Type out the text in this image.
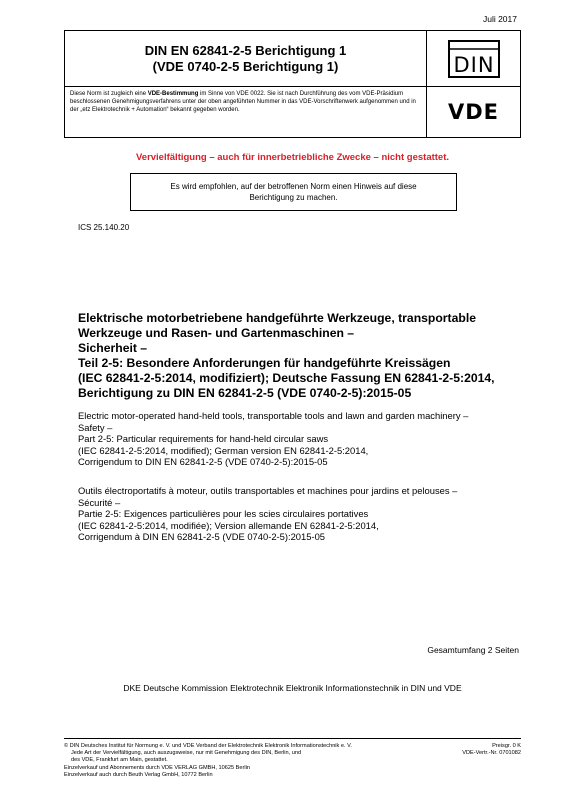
Juli 2017
DIN EN 62841-2-5 Berichtigung 1
(VDE 0740-2-5 Berichtigung 1)	DIN
Diese Norm ist zugleich eine VDE-Bestimmung im Sinne von VDE 0022. Sie ist nach Durchführung des vom VDE-Präsidium beschlossenen Genehmigungsverfahrens unter der oben angeführten Nummer in das VDE-Vorschriftenwerk aufgenommen und in der „etz Elektrotechnik + Automation“ bekannt gegeben worden.	VDE
Vervielfältigung – auch für innerbetriebliche Zwecke – nicht gestattet.
Es wird empfohlen, auf der betroffenen Norm einen Hinweis auf diese
Berichtigung zu machen.
ICS 25.140.20
Elektrische motorbetriebene handgeführte Werkzeuge, transportable
Werkzeuge und Rasen- und Gartenmaschinen –
Sicherheit –
Teil 2-5: Besondere Anforderungen für handgeführte Kreissägen
(IEC 62841-2-5:2014, modifiziert); Deutsche Fassung EN 62841-2-5:2014,
Berichtigung zu DIN EN 62841-2-5 (VDE 0740-2-5):2015-05
Electric motor-operated hand-held tools, transportable tools and lawn and garden machinery –
Safety –
Part 2-5: Particular requirements for hand-held circular saws
(IEC 62841-2-5:2014, modified); German version EN 62841-2-5:2014,
Corrigendum to DIN EN 62841-2-5 (VDE 0740-2-5):2015-05
Outils électroportatifs à moteur, outils transportables et machines pour jardins et pelouses –
Sécurité –
Partie 2-5: Exigences particulières pour les scies circulaires portatives
(IEC 62841-2-5:2014, modifiée); Version allemande EN 62841-2-5:2014,
Corrigendum à DIN EN 62841-2-5 (VDE 0740-2-5):2015-05
Gesamtumfang 2 Seiten
DKE Deutsche Kommission Elektrotechnik Elektronik Informationstechnik in DIN und VDE
© DIN Deutsches Institut für Normung e. V. und VDE Verband der Elektrotechnik Elektronik Informationstechnik e. V.
Jede Art der Vervielfältigung, auch auszugsweise, nur mit Genehmigung des DIN, Berlin, und
des VDE, Frankfurt am Main, gestattet.
Einzelverkauf und Abonnements durch VDE VERLAG GMBH, 10625 Berlin
Einzelverkauf auch durch Beuth Verlag GmbH, 10772 Berlin
Preisgr. 0 K
VDE-Vertr.-Nr. 0701082
